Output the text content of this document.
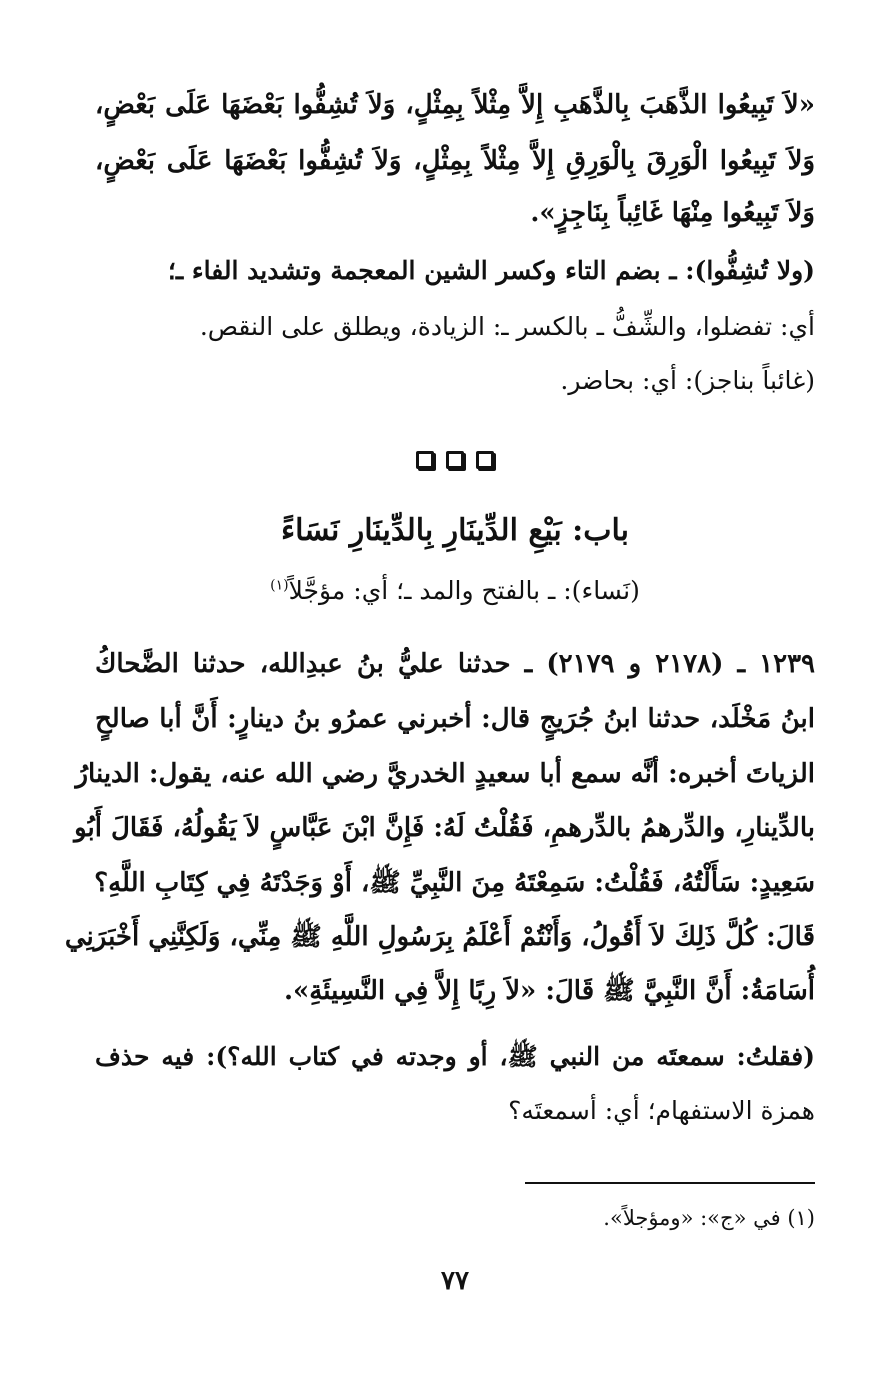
«لاَ تَبِيعُوا الذَّهَبَ بِالذَّهَبِ إِلاَّ مِثْلاً بِمِثْلٍ، وَلاَ تُشِفُّوا بَعْضَهَا عَلَى بَعْضٍ،
وَلاَ تَبِيعُوا الْوَرِقَ بِالْوَرِقِ إِلاَّ مِثْلاً بِمِثْلٍ، وَلاَ تُشِفُّوا بَعْضَهَا عَلَى بَعْضٍ،
وَلاَ تَبِيعُوا مِنْهَا غَائِباً بِنَاجِزٍ».
(ولا تُشِفُّوا): ـ بضم التاء وكسر الشين المعجمة وتشديد الفاء ـ؛
أي: تفضلوا، والشِّفُّ ـ بالكسر ـ: الزيادة، ويطلق على النقص.
(غائباً بناجز): أي: بحاضر.
باب: بَيْعِ الدِّينَارِ بِالدِّينَارِ نَسَاءً
(نَساء): ـ بالفتح والمد ـ؛ أي: مؤجَّلاً$^{(١)}$
١٢٣٩ ـ (٢١٧٨ و ٢١٧٩) ـ حدثنا عليُّ بنُ عبدِالله، حدثنا الضَّحاكُ
ابنُ مَخْلَد، حدثنا ابنُ جُرَيجٍ قال: أخبرني عمرُو بنُ دينارٍ: أَنَّ أبا صالحٍ
الزياتَ أخبره: أنَّه سمع أبا سعيدٍ الخدريَّ رضي الله عنه، يقول: الدينارُ
بالدِّينارِ، والدِّرهمُ بالدِّرهمِ، فَقُلْتُ لَهُ: فَإِنَّ ابْنَ عَبَّاسٍ لاَ يَقُولُهُ، فَقَالَ أَبُو
سَعِيدٍ: سَأَلْتُهُ، فَقُلْتُ: سَمِعْتَهُ مِنَ النَّبِيِّ ﷺ، أَوْ وَجَدْتَهُ فِي كِتَابِ اللَّهِ؟
قَالَ: كُلَّ ذَلِكَ لاَ أَقُولُ، وَأَنْتُمْ أَعْلَمُ بِرَسُولِ اللَّهِ ﷺ مِنِّي، وَلَكِنَّنِي أَخْبَرَنِي
أُسَامَةُ: أَنَّ النَّبِيَّ ﷺ قَالَ: «لاَ رِبًا إِلاَّ فِي النَّسِيئَةِ».
(فقلتُ: سمعتَه من النبي ﷺ، أو وجدته في كتاب الله؟): فيه حذف
همزة الاستفهام؛ أي: أسمعتَه؟
(١) في «ج»: «ومؤجلاً».
٧٧
